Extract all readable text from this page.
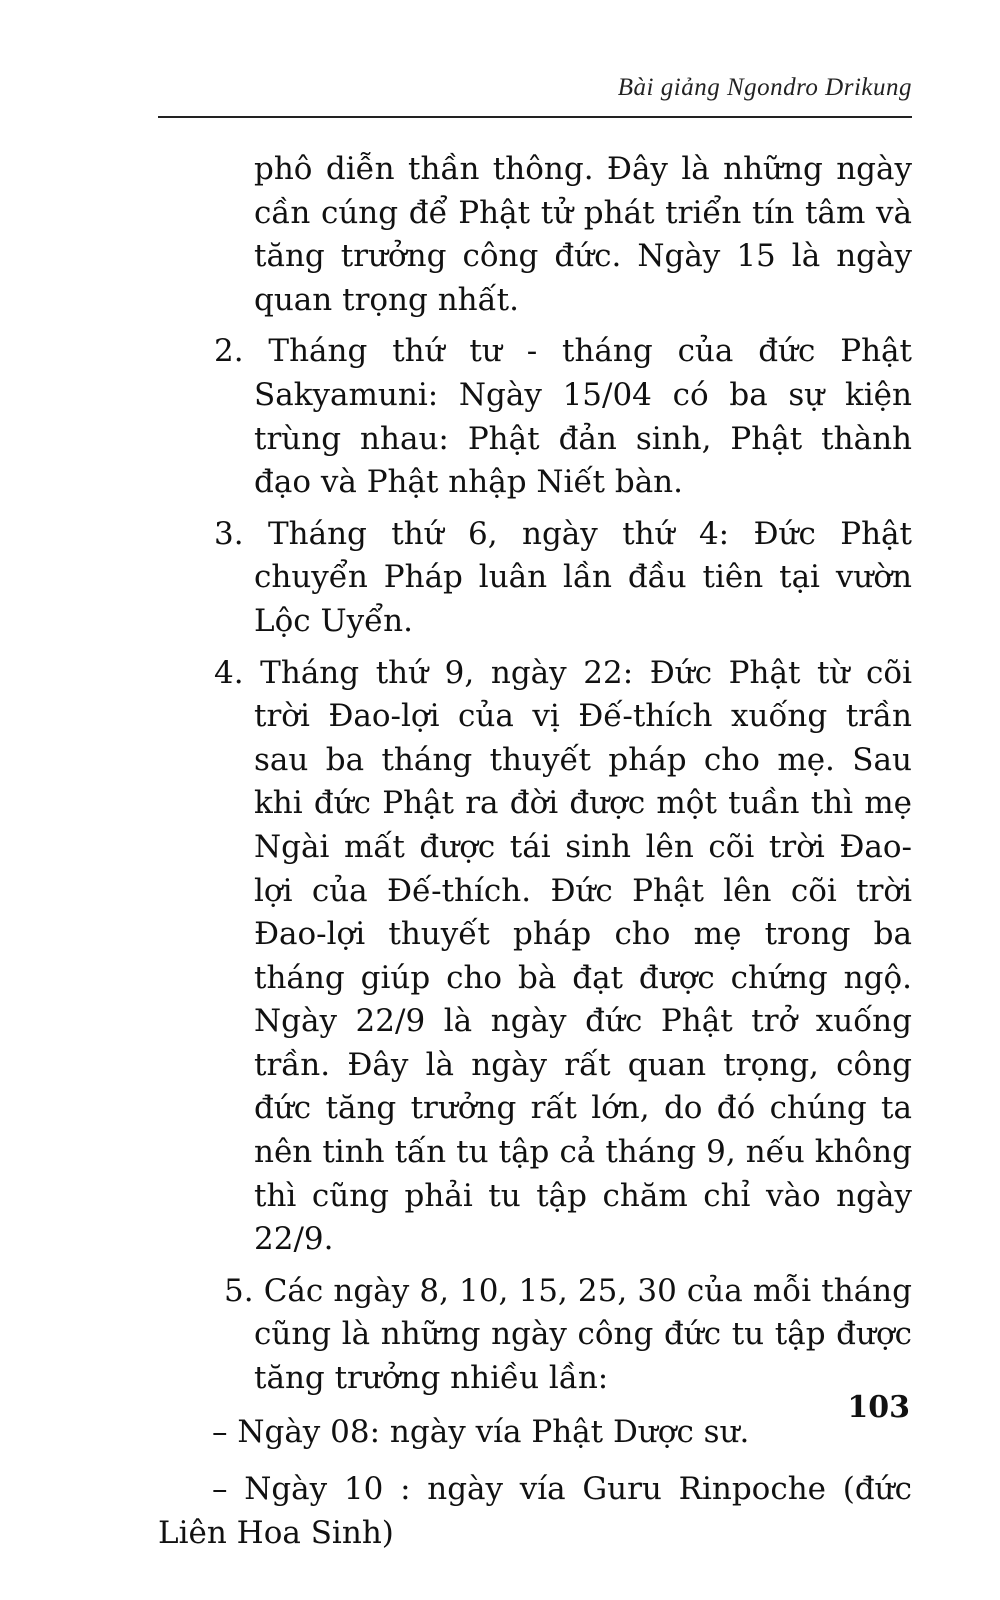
Bài giảng Ngondro Drikung

phô diễn thần thông. Đây là những ngày cần cúng để Phật tử phát triển tín tâm và tăng trưởng công đức. Ngày 15 là ngày quan trọng nhất.

2. Tháng thứ tư - tháng của đức Phật Sakyamuni: Ngày 15/04 có ba sự kiện trùng nhau: Phật đản sinh, Phật thành đạo và Phật nhập Niết bàn.

3. Tháng thứ 6, ngày thứ 4: Đức Phật chuyển Pháp luân lần đầu tiên tại vườn Lộc Uyển.

4. Tháng thứ 9, ngày 22: Đức Phật từ cõi trời Đao-lợi của vị Đế-thích xuống trần sau ba tháng thuyết pháp cho mẹ. Sau khi đức Phật ra đời được một tuần thì mẹ Ngài mất được tái sinh lên cõi trời Đao-lợi của Đế-thích. Đức Phật lên cõi trời Đao-lợi thuyết pháp cho mẹ trong ba tháng giúp cho bà đạt được chứng ngộ. Ngày 22/9 là ngày đức Phật trở xuống trần. Đây là ngày rất quan trọng, công đức tăng trưởng rất lớn, do đó chúng ta nên tinh tấn tu tập cả tháng 9, nếu không thì cũng phải tu tập chăm chỉ vào ngày 22/9.

5. Các ngày 8, 10, 15, 25, 30 của mỗi tháng cũng là những ngày công đức tu tập được tăng trưởng nhiều lần:

– Ngày 08: ngày vía Phật Dược sư.

– Ngày 10 : ngày vía Guru Rinpoche (đức Liên Hoa Sinh)

103
